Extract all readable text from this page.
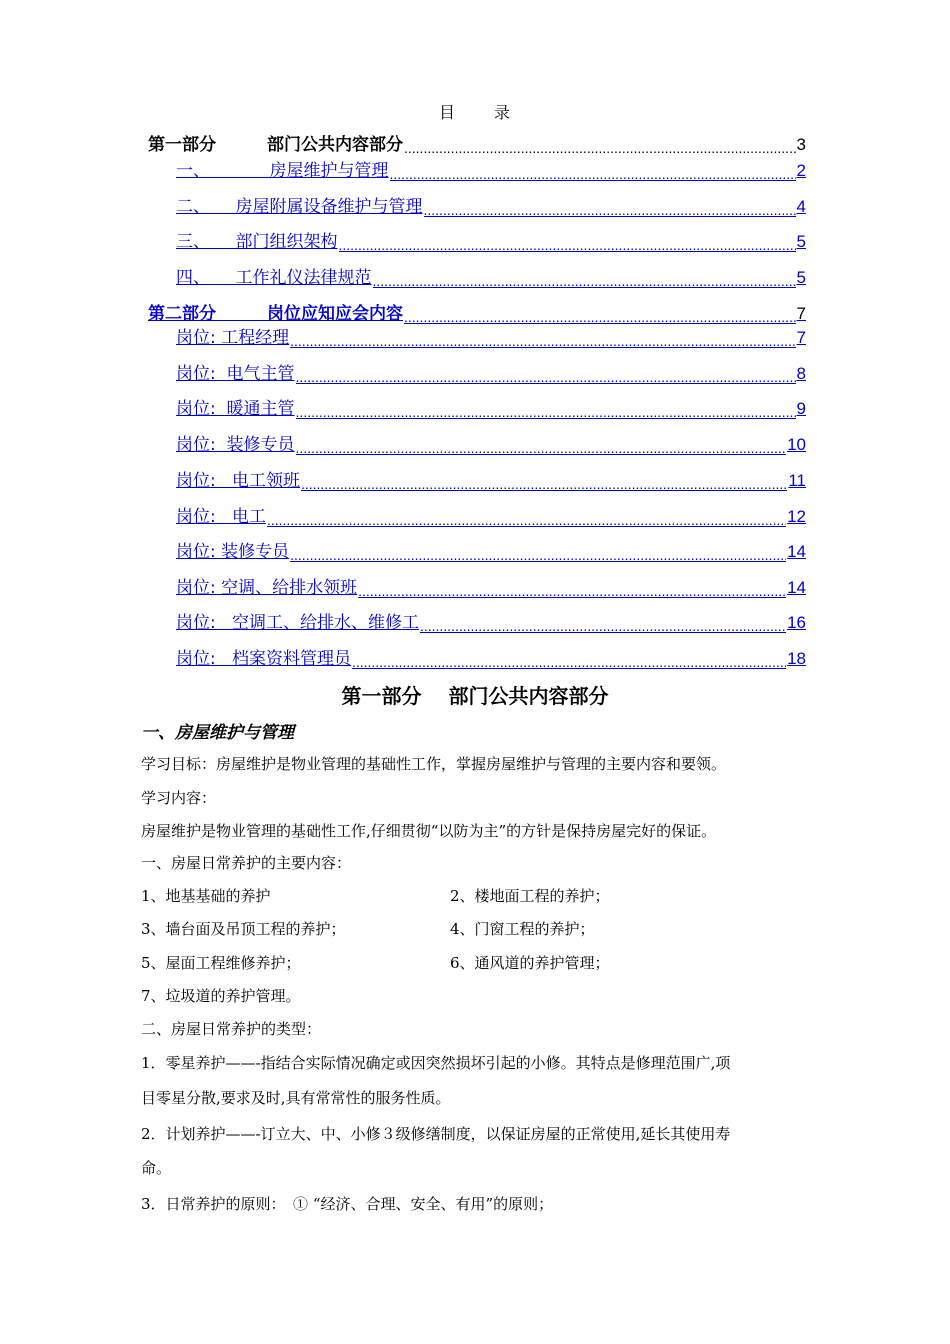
目 录
第一部分　　　部门公共内容部分 .....	3
一、　　　　房屋维护与管理 .....	2
二、　　房屋附属设备维护与管理 .....	4
三、　　部门组织架构 .....	5
四、　　工作礼仪法律规范 .....	5
第二部分　　　岗位应知应会内容 .....	7
岗位: 工程经理 .....	7
岗位:  电气主管 .....	8
岗位:  暖通主管 .....	9
岗位:  装修专员 .....	10
岗位:   电工领班 .....	11
岗位:   电工 .....	12
岗位: 装修专员 .....	14
岗位: 空调、给排水领班 .....	14
岗位:   空调工、给排水、维修工 .....	16
岗位:   档案资料管理员 .....	18
第一部分　 部门公共内容部分
一、房屋维护与管理
学习目标：房屋维护是物业管理的基础性工作，掌握房屋维护与管理的主要内容和要领。
学习内容：
房屋维护是物业管理的基础性工作,仔细贯彻“以防为主”的方针是保持房屋完好的保证。
一、房屋日常养护的主要内容：
1、地基基础的养护	2、楼地面工程的养护；
3、墙台面及吊顶工程的养护；	4、门窗工程的养护；
5、屋面工程维修养护；	6、通风道的养护管理；
7、垃圾道的养护管理。
二、房屋日常养护的类型：
1．零星养护——-指结合实际情况确定或因突然损坏引起的小修。其特点是修理范围广,项
目零星分散,要求及时,具有常常性的服务性质。
2．计划养护——-订立大、中、小修３级修缮制度，以保证房屋的正常使用,延长其使用寿
命。
3．日常养护的原则：　① “经济、合理、安全、有用”的原则；
